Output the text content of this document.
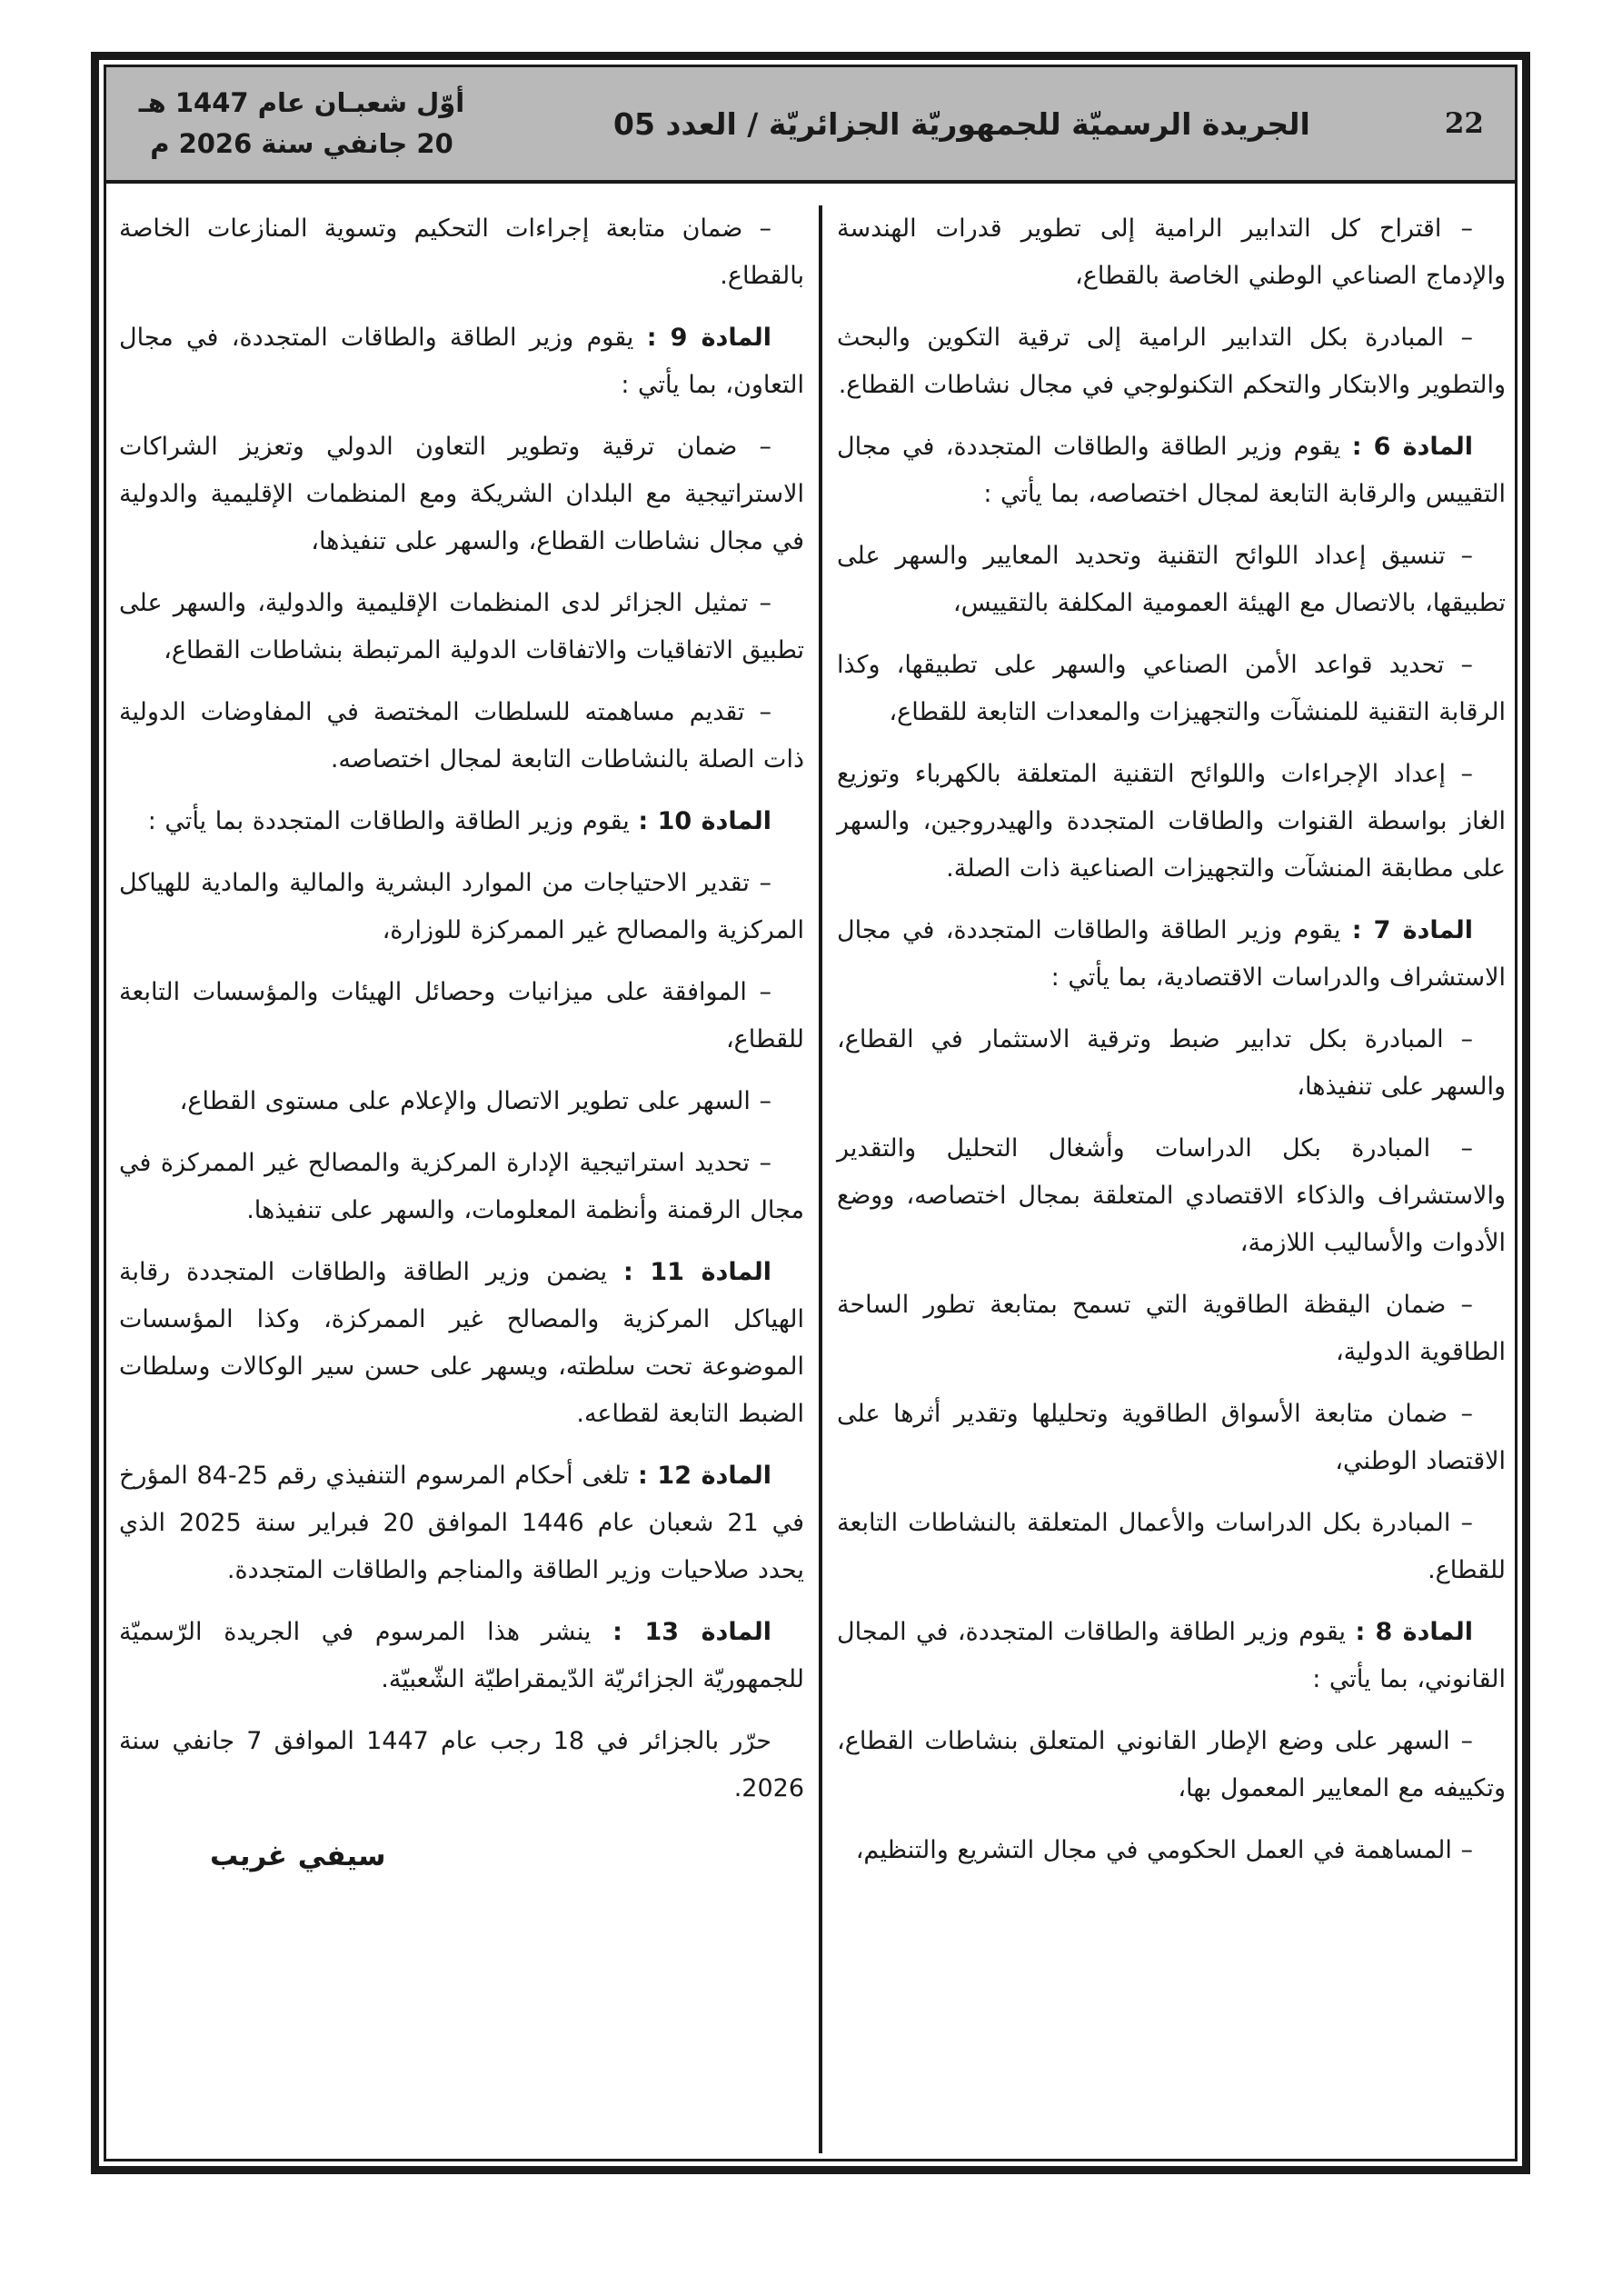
22
الجريدة الرسميّة للجمهوريّة الجزائريّة / العدد 05
أوّل شعبـان عام 1447 هـ
20 جانفي سنة 2026 م

– اقتراح كل التدابير الرامية إلى تطوير قدرات الهندسة والإدماج الصناعي الوطني الخاصة بالقطاع،

– المبادرة بكل التدابير الرامية إلى ترقية التكوين والبحث والتطوير والابتكار والتحكم التكنولوجي في مجال نشاطات القطاع.

المادة 6 : يقوم وزير الطاقة والطاقات المتجددة، في مجال التقييس والرقابة التابعة لمجال اختصاصه، بما يأتي :

– تنسيق إعداد اللوائح التقنية وتحديد المعايير والسهر على تطبيقها، بالاتصال مع الهيئة العمومية المكلفة بالتقييس،

– تحديد قواعد الأمن الصناعي والسهر على تطبيقها، وكذا الرقابة التقنية للمنشآت والتجهيزات والمعدات التابعة للقطاع،

– إعداد الإجراءات واللوائح التقنية المتعلقة بالكهرباء وتوزيع الغاز بواسطة القنوات والطاقات المتجددة والهيدروجين، والسهر على مطابقة المنشآت والتجهيزات الصناعية ذات الصلة.

المادة 7 : يقوم وزير الطاقة والطاقات المتجددة، في مجال الاستشراف والدراسات الاقتصادية، بما يأتي :

– المبادرة بكل تدابير ضبط وترقية الاستثمار في القطاع، والسهر على تنفيذها،

– المبادرة بكل الدراسات وأشغال التحليل والتقدير والاستشراف والذكاء الاقتصادي المتعلقة بمجال اختصاصه، ووضع الأدوات والأساليب اللازمة،

– ضمان اليقظة الطاقوية التي تسمح بمتابعة تطور الساحة الطاقوية الدولية،

– ضمان متابعة الأسواق الطاقوية وتحليلها وتقدير أثرها على الاقتصاد الوطني،

– المبادرة بكل الدراسات والأعمال المتعلقة بالنشاطات التابعة للقطاع.

المادة 8 : يقوم وزير الطاقة والطاقات المتجددة، في المجال القانوني، بما يأتي :

– السهر على وضع الإطار القانوني المتعلق بنشاطات القطاع، وتكييفه مع المعايير المعمول بها،

– المساهمة في العمل الحكومي في مجال التشريع والتنظيم،

– ضمان متابعة إجراءات التحكيم وتسوية المنازعات الخاصة بالقطاع.

المادة 9 : يقوم وزير الطاقة والطاقات المتجددة، في مجال التعاون، بما يأتي :

– ضمان ترقية وتطوير التعاون الدولي وتعزيز الشراكات الاستراتيجية مع البلدان الشريكة ومع المنظمات الإقليمية والدولية في مجال نشاطات القطاع، والسهر على تنفيذها،

– تمثيل الجزائر لدى المنظمات الإقليمية والدولية، والسهر على تطبيق الاتفاقيات والاتفاقات الدولية المرتبطة بنشاطات القطاع،

– تقديم مساهمته للسلطات المختصة في المفاوضات الدولية ذات الصلة بالنشاطات التابعة لمجال اختصاصه.

المادة 10 : يقوم وزير الطاقة والطاقات المتجددة بما يأتي :

– تقدير الاحتياجات من الموارد البشرية والمالية والمادية للهياكل المركزية والمصالح غير الممركزة للوزارة،

– الموافقة على ميزانيات وحصائل الهيئات والمؤسسات التابعة للقطاع،

– السهر على تطوير الاتصال والإعلام على مستوى القطاع،

– تحديد استراتيجية الإدارة المركزية والمصالح غير الممركزة في مجال الرقمنة وأنظمة المعلومات، والسهر على تنفيذها.

المادة 11 : يضمن وزير الطاقة والطاقات المتجددة رقابة الهياكل المركزية والمصالح غير الممركزة، وكذا المؤسسات الموضوعة تحت سلطته، ويسهر على حسن سير الوكالات وسلطات الضبط التابعة لقطاعه.

المادة 12 : تلغى أحكام المرسوم التنفيذي رقم 25‏-‏84 المؤرخ في 21 شعبان عام 1446 الموافق 20 فبراير سنة 2025 الذي يحدد صلاحيات وزير الطاقة والمناجم والطاقات المتجددة.

المادة 13 : ينشر هذا المرسوم في الجريدة الرّسميّة للجمهوريّة الجزائريّة الدّيمقراطيّة الشّعبيّة.

حرّر بالجزائر في 18 رجب عام 1447 الموافق 7 جانفي سنة 2026.

سيفي غريب
